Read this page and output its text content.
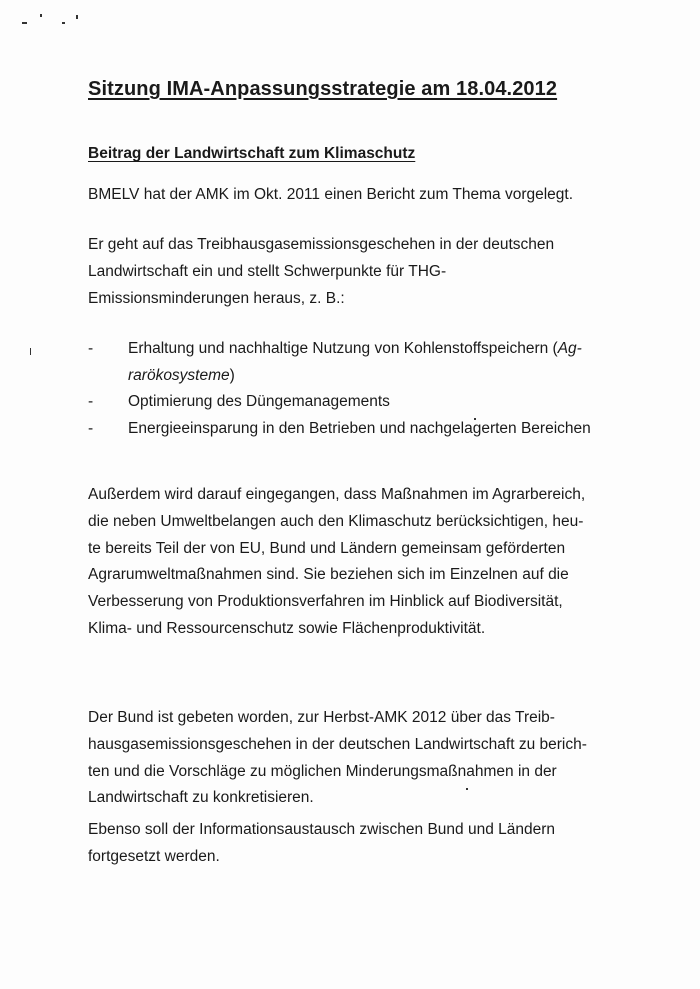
Sitzung IMA-Anpassungsstrategie am 18.04.2012
Beitrag der Landwirtschaft zum Klimaschutz

BMELV hat der AMK im Okt. 2011 einen Bericht zum Thema vorgelegt.

Er geht auf das Treibhausgasemissionsgeschehen in der deutschen
Landwirtschaft ein und stellt Schwerpunkte für THG-
Emissionsminderungen heraus, z. B.:

- Erhaltung und nachhaltige Nutzung von Kohlenstoffspeichern (Ag-
rarökosysteme)
- Optimierung des Düngemanagements
- Energieeinsparung in den Betrieben und nachgelagerten Bereichen

Außerdem wird darauf eingegangen, dass Maßnahmen im Agrarbereich,
die neben Umweltbelangen auch den Klimaschutz berücksichtigen, heu-
te bereits Teil der von EU, Bund und Ländern gemeinsam geförderten
Agrarumweltmaßnahmen sind. Sie beziehen sich im Einzelnen auf die
Verbesserung von Produktionsverfahren im Hinblick auf Biodiversität,
Klima- und Ressourcenschutz sowie Flächenproduktivität.

Der Bund ist gebeten worden, zur Herbst-AMK 2012 über das Treib-
hausgasemissionsgeschehen in der deutschen Landwirtschaft zu berich-
ten und die Vorschläge zu möglichen Minderungsmaßnahmen in der
Landwirtschaft zu konkretisieren.

Ebenso soll der Informationsaustausch zwischen Bund und Ländern
fortgesetzt werden.
